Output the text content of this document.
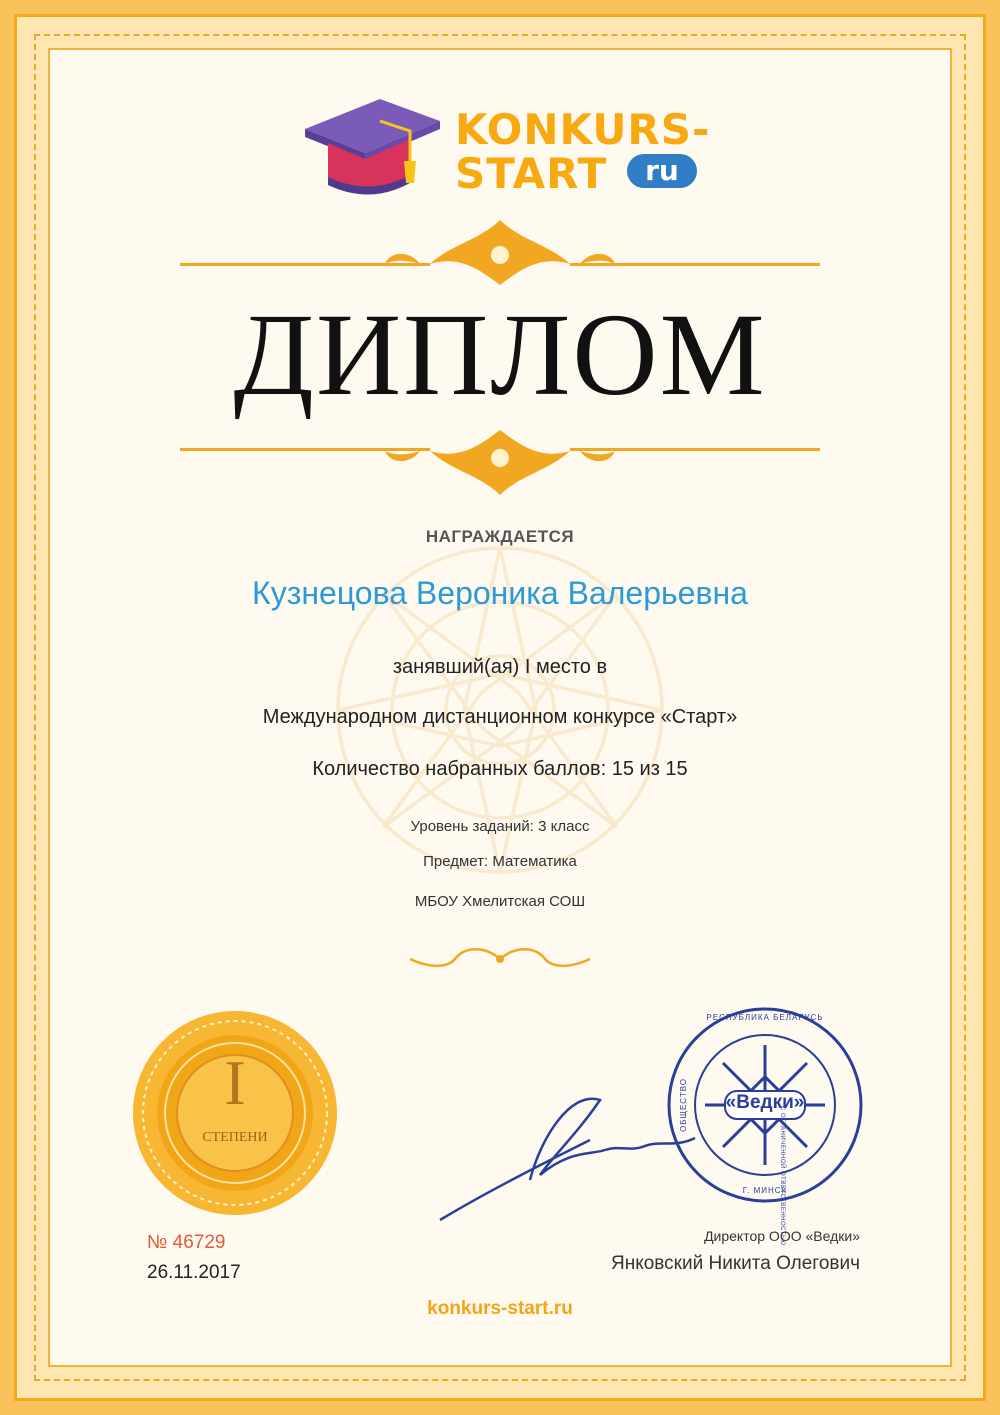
KONKURS-
START	ru
ДИПЛОМ
НАГРАЖДАЕТСЯ
Кузнецова Вероника Валерьевна
занявший(ая) I место в
Международном дистанционном конкурсе «Старт»
Количество набранных баллов: 15 из 15
Уровень заданий: 3 класс
Предмет: Математика
МБОУ Хмелитская СОШ
I
СТЕПЕНИ
«Ведки»
РЕСПУБЛИКА БЕЛАРУСЬ
С ОГРАНИЧЕННОЙ ОТВЕТСТВЕННОСТЬЮ
Г. МИНСК
ОБЩЕСТВО
№ 46729
26.11.2017
Директор ООО «Ведки»
Янковский Никита Олегович
konkurs-start.ru
